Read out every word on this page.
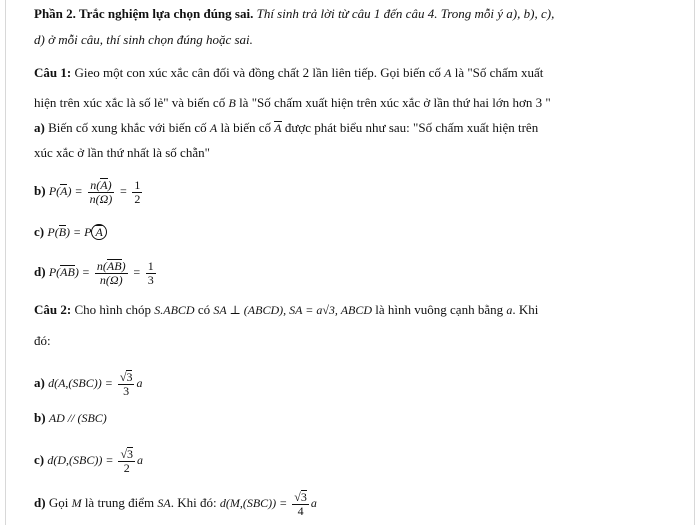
Phần 2. Trắc nghiệm lựa chọn đúng sai. Thí sinh trả lời từ câu 1 đến câu 4. Trong mỗi ý a), b), c),
d) ở mỗi câu, thí sinh chọn đúng hoặc sai.
Câu 1: Gieo một con xúc xắc cân đối và đồng chất 2 lần liên tiếp. Gọi biến cố A là "Số chấm xuất
hiện trên xúc xắc là số lẻ" và biến cố B là "Số chấm xuất hiện trên xúc xắc ở lần thứ hai lớn hơn 3 "
a) Biến cố xung khắc với biến cố A là biến cố A được phát biểu như sau: "Số chấm xuất hiện trên
xúc xắc ở lần thứ nhất là số chẵn"
b) $P(A) = \frac{n(A)}{n(\Omega)} = \frac{1}{2}$
c) P(B) = P A
d) $P(AB) = \frac{n(AB)}{n(\Omega)} = \frac{1}{3}$
Câu 2: Cho hình chóp S.ABCD có SA ⊥ (ABCD), SA = a√3, ABCD là hình vuông cạnh bằng a. Khi
đó:
a) $d(A,(SBC)) = \frac{√3}{3}$ a
b) AD // (SBC)
c) $d(D,(SBC)) = \frac{√3}{2}$ a
d) Gọi M là trung điểm SA. Khi đó: $d(M,(SBC)) = \frac{√3}{4}$ a
